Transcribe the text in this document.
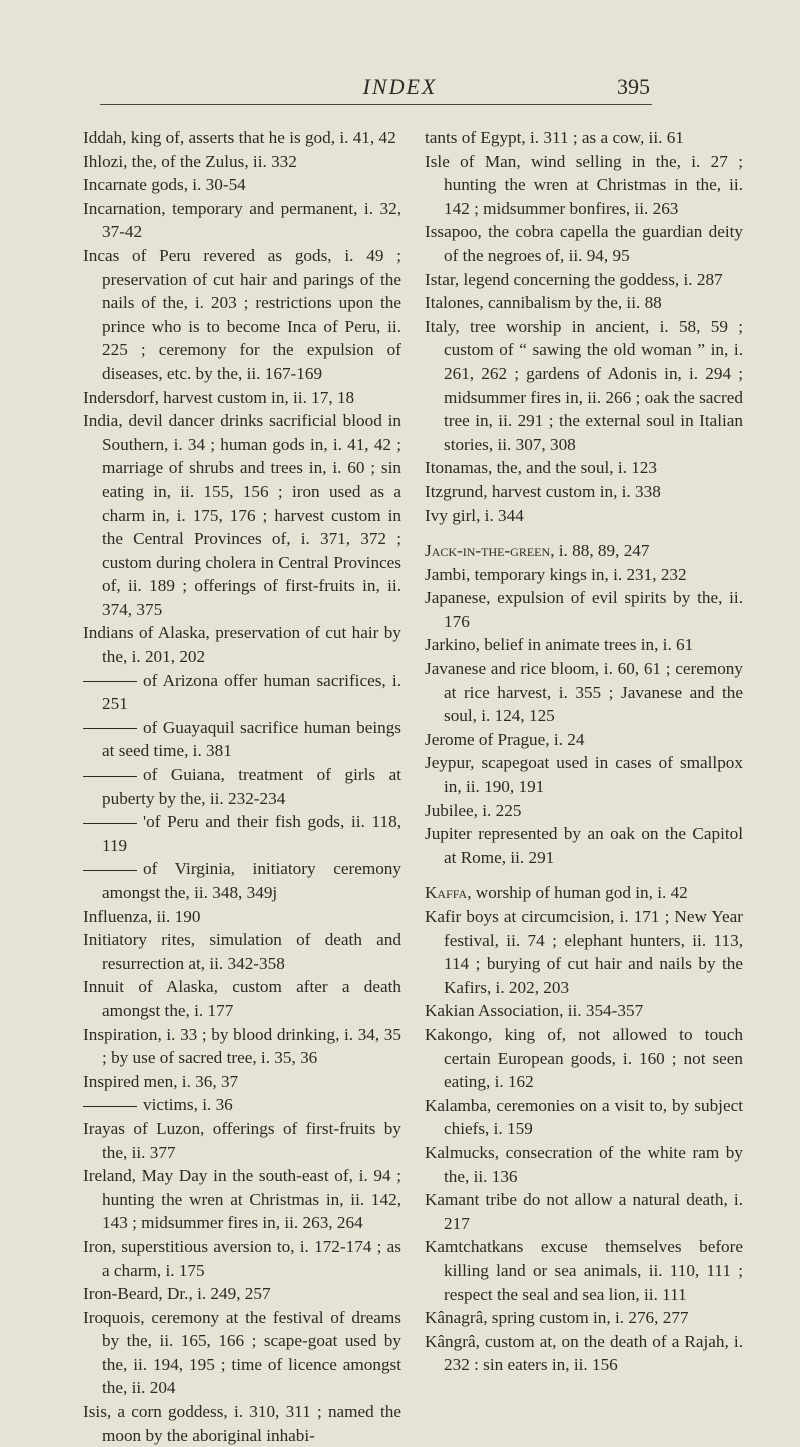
INDEX	395
Iddah, king of, asserts that he is god, i. 41, 42
Ihlozi, the, of the Zulus, ii. 332
Incarnate gods, i. 30-54
Incarnation, temporary and permanent, i. 32, 37-42
Incas of Peru revered as gods, i. 49 ; preservation of cut hair and parings of the nails of the, i. 203 ; restrictions upon the prince who is to become Inca of Peru, ii. 225 ; ceremony for the expulsion of diseases, etc. by the, ii. 167-169
Indersdorf, harvest custom in, ii. 17, 18
India, devil dancer drinks sacrificial blood in Southern, i. 34 ; human gods in, i. 41, 42 ; marriage of shrubs and trees in, i. 60 ; sin eating in, ii. 155, 156 ; iron used as a charm in, i. 175, 176 ; harvest custom in the Central Provinces of, i. 371, 372 ; custom during cholera in Central Provinces of, ii. 189 ; offerings of first-fruits in, ii. 374, 375
Indians of Alaska, preservation of cut hair by the, i. 201, 202
of Arizona offer human sacrifices, i. 251
of Guayaquil sacrifice human beings at seed time, i. 381
of Guiana, treatment of girls at puberty by the, ii. 232-234
'of Peru and their fish gods, ii. 118, 119
of Virginia, initiatory ceremony amongst the, ii. 348, 349j
Influenza, ii. 190
Initiatory rites, simulation of death and resurrection at, ii. 342-358
Innuit of Alaska, custom after a death amongst the, i. 177
Inspiration, i. 33 ; by blood drinking, i. 34, 35 ; by use of sacred tree, i. 35, 36
Inspired men, i. 36, 37
victims, i. 36
Irayas of Luzon, offerings of first-fruits by the, ii. 377
Ireland, May Day in the south-east of, i. 94 ; hunting the wren at Christmas in, ii. 142, 143 ; midsummer fires in, ii. 263, 264
Iron, superstitious aversion to, i. 172-174 ; as a charm, i. 175
Iron-Beard, Dr., i. 249, 257
Iroquois, ceremony at the festival of dreams by the, ii. 165, 166 ; scape-goat used by the, ii. 194, 195 ; time of licence amongst the, ii. 204
Isis, a corn goddess, i. 310, 311 ; named the moon by the aboriginal inhabi-
tants of Egypt, i. 311 ; as a cow, ii. 61
Isle of Man, wind selling in the, i. 27 ; hunting the wren at Christmas in the, ii. 142 ; midsummer bonfires, ii. 263
Issapoo, the cobra capella the guardian deity of the negroes of, ii. 94, 95
Istar, legend concerning the goddess, i. 287
Italones, cannibalism by the, ii. 88
Italy, tree worship in ancient, i. 58, 59 ; custom of “ sawing the old woman ” in, i. 261, 262 ; gardens of Adonis in, i. 294 ; midsummer fires in, ii. 266 ; oak the sacred tree in, ii. 291 ; the external soul in Italian stories, ii. 307, 308
Itonamas, the, and the soul, i. 123
Itzgrund, harvest custom in, i. 338
Ivy girl, i. 344
Jack-in-the-green, i. 88, 89, 247
Jambi, temporary kings in, i. 231, 232
Japanese, expulsion of evil spirits by the, ii. 176
Jarkino, belief in animate trees in, i. 61
Javanese and rice bloom, i. 60, 61 ; ceremony at rice harvest, i. 355 ; Javanese and the soul, i. 124, 125
Jerome of Prague, i. 24
Jeypur, scapegoat used in cases of smallpox in, ii. 190, 191
Jubilee, i. 225
Jupiter represented by an oak on the Capitol at Rome, ii. 291
Kaffa, worship of human god in, i. 42
Kafir boys at circumcision, i. 171 ; New Year festival, ii. 74 ; elephant hunters, ii. 113, 114 ; burying of cut hair and nails by the Kafirs, i. 202, 203
Kakian Association, ii. 354-357
Kakongo, king of, not allowed to touch certain European goods, i. 160 ; not seen eating, i. 162
Kalamba, ceremonies on a visit to, by subject chiefs, i. 159
Kalmucks, consecration of the white ram by the, ii. 136
Kamant tribe do not allow a natural death, i. 217
Kamtchatkans excuse themselves before killing land or sea animals, ii. 110, 111 ; respect the seal and sea lion, ii. 111
Kânagrâ, spring custom in, i. 276, 277
Kângrâ, custom at, on the death of a Rajah, i. 232 : sin eaters in, ii. 156
